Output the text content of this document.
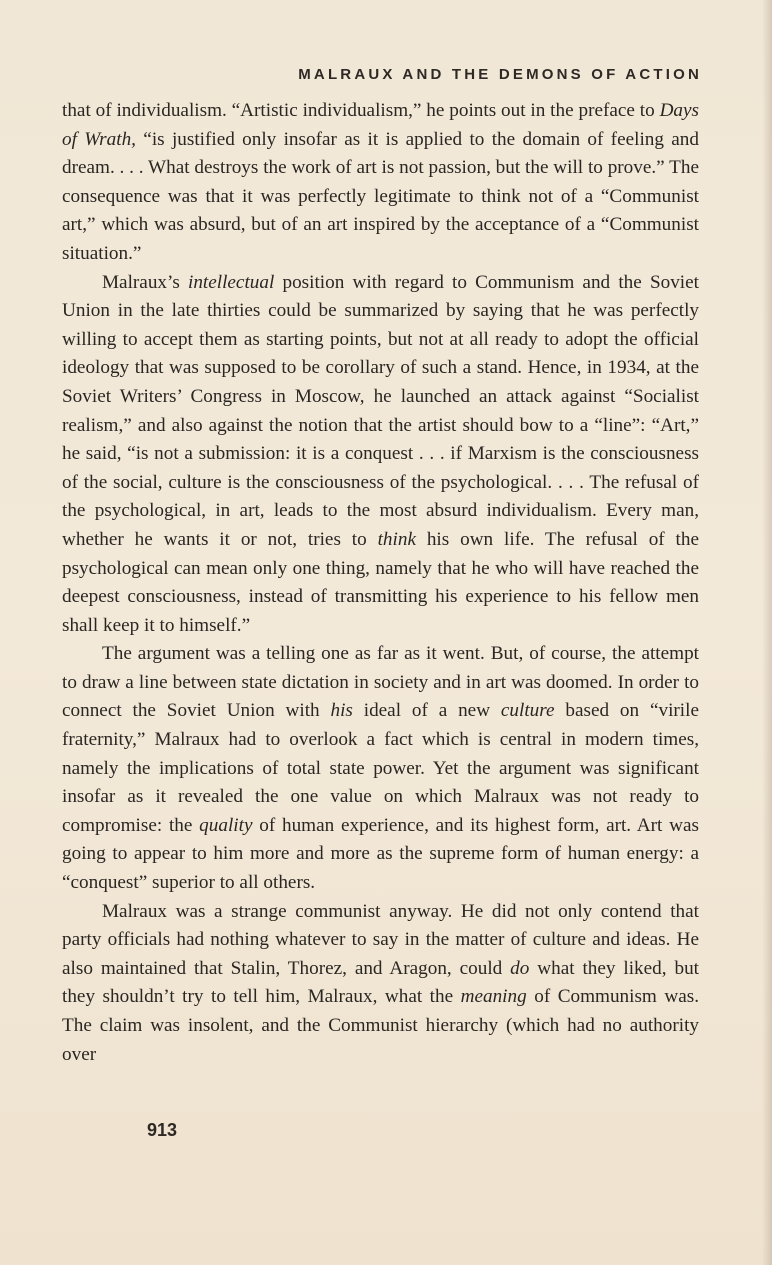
MALRAUX AND THE DEMONS OF ACTION

that of individualism. “Artistic individualism,” he points out in the preface to Days of Wrath, “is justified only insofar as it is applied to the domain of feeling and dream. . . . What destroys the work of art is not passion, but the will to prove.” The consequence was that it was perfectly legitimate to think not of a “Communist art,” which was absurd, but of an art inspired by the acceptance of a “Communist situation.”

Malraux’s intellectual position with regard to Communism and the Soviet Union in the late thirties could be summarized by saying that he was perfectly willing to accept them as starting points, but not at all ready to adopt the official ideology that was supposed to be corollary of such a stand. Hence, in 1934, at the Soviet Writers’ Congress in Moscow, he launched an attack against “Socialist realism,” and also against the notion that the artist should bow to a “line”: “Art,” he said, “is not a submission: it is a conquest . . . if Marxism is the consciousness of the social, culture is the consciousness of the psychological. . . . The refusal of the psychological, in art, leads to the most absurd individualism. Every man, whether he wants it or not, tries to think his own life. The refusal of the psychological can mean only one thing, namely that he who will have reached the deepest consciousness, instead of transmitting his experience to his fellow men shall keep it to himself.”

The argument was a telling one as far as it went. But, of course, the attempt to draw a line between state dictation in society and in art was doomed. In order to connect the Soviet Union with his ideal of a new culture based on “virile fraternity,” Malraux had to overlook a fact which is central in modern times, namely the implications of total state power. Yet the argument was significant insofar as it revealed the one value on which Malraux was not ready to compromise: the quality of human experience, and its highest form, art. Art was going to appear to him more and more as the supreme form of human energy: a “conquest” superior to all others.

Malraux was a strange communist anyway. He did not only contend that party officials had nothing whatever to say in the matter of culture and ideas. He also maintained that Stalin, Thorez, and Aragon, could do what they liked, but they shouldn’t try to tell him, Malraux, what the meaning of Communism was. The claim was insolent, and the Communist hierarchy (which had no authority over

913
